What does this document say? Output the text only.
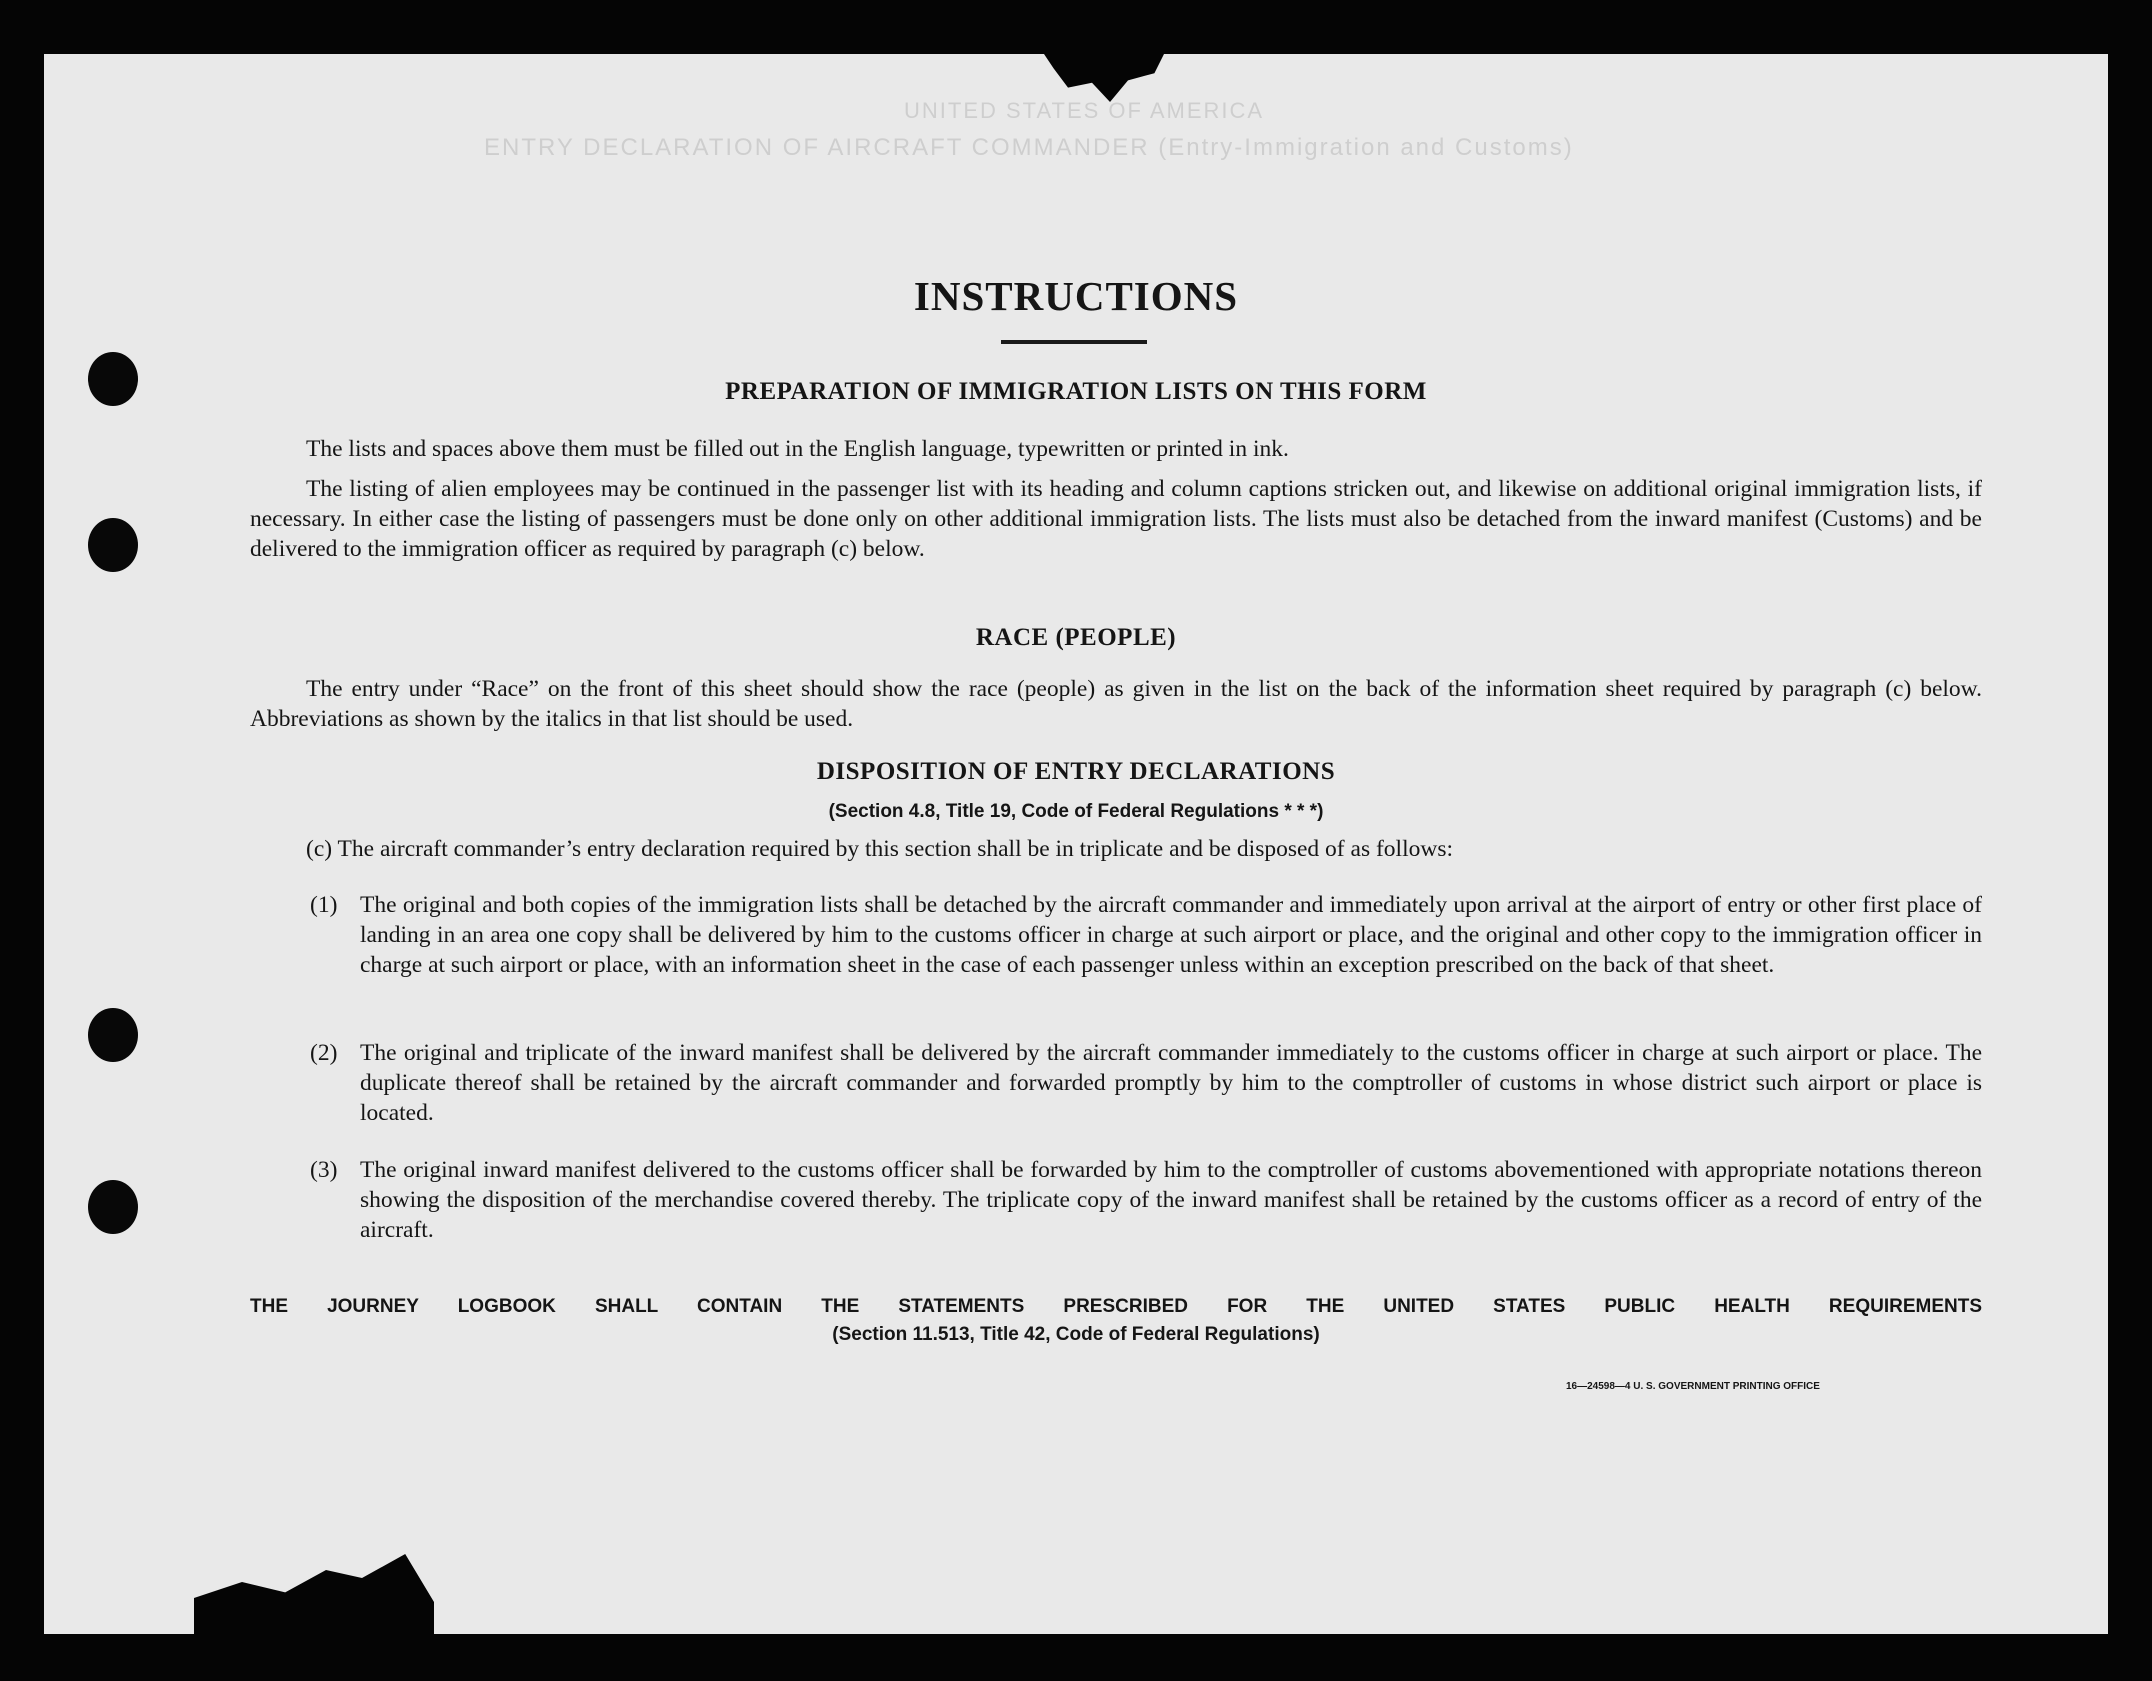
UNITED STATES OF AMERICA
ENTRY DECLARATION OF AIRCRAFT COMMANDER (Entry-Immigration and Customs)
INSTRUCTIONS
PREPARATION OF IMMIGRATION LISTS ON THIS FORM
The lists and spaces above them must be filled out in the English language, typewritten or printed in ink.
The listing of alien employees may be continued in the passenger list with its heading and column captions stricken out, and likewise on additional original immigration lists, if necessary. In either case the listing of passengers must be done only on other additional immigration lists. The lists must also be detached from the inward manifest (Customs) and be delivered to the immigration officer as required by paragraph (c) below.
RACE (PEOPLE)
The entry under “Race” on the front of this sheet should show the race (people) as given in the list on the back of the information sheet required by paragraph (c) below. Abbreviations as shown by the italics in that list should be used.
DISPOSITION OF ENTRY DECLARATIONS
(Section 4.8, Title 19, Code of Federal Regulations * * *)
(c) The aircraft commander’s entry declaration required by this section shall be in triplicate and be disposed of as follows:
(1) The original and both copies of the immigration lists shall be detached by the aircraft commander and immediately upon arrival at the airport of entry or other first place of landing in an area one copy shall be delivered by him to the customs officer in charge at such airport or place, and the original and other copy to the immigration officer in charge at such airport or place, with an information sheet in the case of each passenger unless within an exception prescribed on the back of that sheet.
(2) The original and triplicate of the inward manifest shall be delivered by the aircraft commander immediately to the customs officer in charge at such airport or place. The duplicate thereof shall be retained by the aircraft commander and forwarded promptly by him to the comptroller of customs in whose district such airport or place is located.
(3) The original inward manifest delivered to the customs officer shall be forwarded by him to the comptroller of customs abovementioned with appropriate notations thereon showing the disposition of the merchandise covered thereby. The triplicate copy of the inward manifest shall be retained by the customs officer as a record of entry of the aircraft.
THE JOURNEY LOGBOOK SHALL CONTAIN THE STATEMENTS PRESCRIBED FOR THE UNITED STATES PUBLIC HEALTH REQUIREMENTS
(Section 11.513, Title 42, Code of Federal Regulations)
16—24598—4 U. S. GOVERNMENT PRINTING OFFICE
